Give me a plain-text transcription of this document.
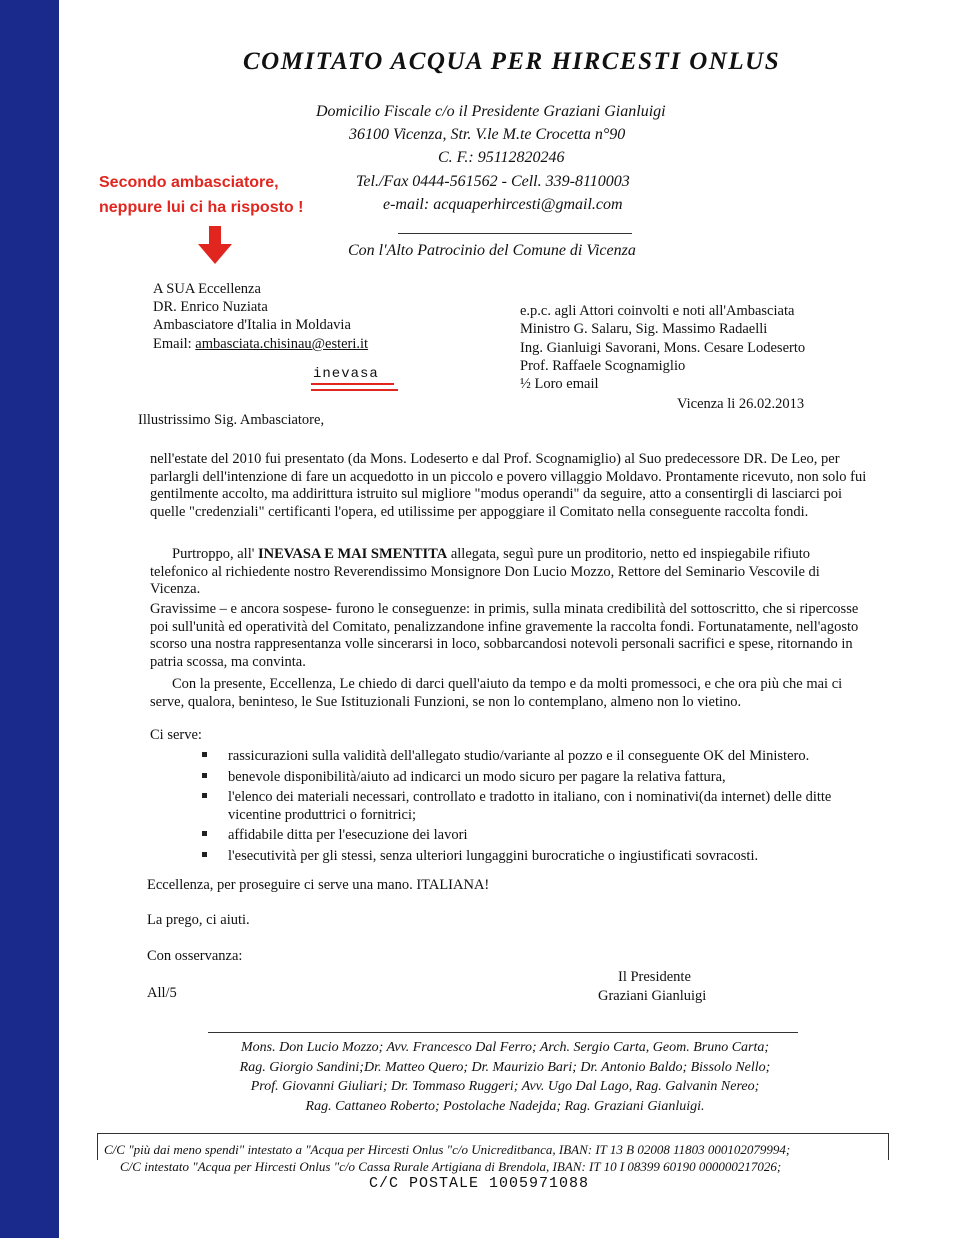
COMITATO ACQUA PER HIRCESTI ONLUS
Domicilio Fiscale c/o il Presidente Graziani Gianluigi
36100 Vicenza, Str. V.le M.te Crocetta n°90
C. F.: 95112820246
Tel./Fax 0444-561562 - Cell. 339-8110003
e-mail: acquaperhircesti@gmail.com
Con l'Alto Patrocinio del Comune di Vicenza
Secondo ambasciatore,
neppure lui ci ha risposto !
A SUA Eccellenza
DR. Enrico Nuziata
Ambasciatore d'Italia in Moldavia
Email: ambasciata.chisinau@esteri.it
inevasa
e.p.c. agli Attori coinvolti e noti all'Ambasciata
Ministro G. Salaru, Sig. Massimo Radaelli
Ing. Gianluigi Savorani, Mons. Cesare Lodeserto
Prof. Raffaele Scognamiglio
½ Loro email
Vicenza li 26.02.2013
Illustrissimo Sig. Ambasciatore,
nell'estate del 2010 fui presentato (da Mons. Lodeserto e dal Prof. Scognamiglio) al Suo predecessore DR. De Leo, per parlargli dell'intenzione di fare un acquedotto in un piccolo e povero villaggio Moldavo. Prontamente ricevuto, non solo fui gentilmente accolto, ma addirittura istruito sul migliore "modus operandi" da seguire, atto a consentirgli di lasciarci poi quelle "credenziali" certificanti l'opera, ed utilissime per appoggiare il Comitato nella conseguente raccolta fondi.
Purtroppo, all' INEVASA E MAI SMENTITA allegata, seguì pure un proditorio, netto ed inspiegabile rifiuto telefonico al richiedente nostro Reverendissimo Monsignore Don Lucio Mozzo, Rettore del Seminario Vescovile di Vicenza.
Gravissime – e ancora sospese- furono le conseguenze: in primis, sulla minata credibilità del sottoscritto, che si ripercosse poi sull'unità ed operatività del Comitato, penalizzandone infine gravemente la raccolta fondi. Fortunatamente, nell'agosto scorso una nostra rappresentanza volle sincerarsi in loco, sobbarcandosi notevoli personali sacrifici e spese, ritornando in patria scossa, ma convinta.
Con la presente, Eccellenza, Le chiedo di darci quell'aiuto da tempo e da molti promessoci, e che ora più che mai ci serve, qualora, beninteso, le Sue Istituzionali Funzioni, se non lo contemplano, almeno non lo vietino.
Ci serve:
rassicurazioni sulla validità dell'allegato studio/variante al pozzo e il conseguente OK del Ministero.
benevole disponibilità/aiuto ad indicarci un modo sicuro per pagare la relativa fattura,
l'elenco dei materiali necessari, controllato e tradotto in italiano, con i nominativi(da internet) delle ditte vicentine produttrici o fornitrici;
affidabile ditta per l'esecuzione dei lavori
l'esecutività per gli stessi, senza ulteriori lungaggini burocratiche o ingiustificati sovracosti.
Eccellenza, per proseguire ci serve una mano. ITALIANA!
La prego, ci aiuti.
Con osservanza:
Il Presidente
Graziani Gianluigi
All/5
Mons. Don Lucio Mozzo; Avv. Francesco Dal Ferro; Arch. Sergio Carta, Geom. Bruno Carta;
Rag. Giorgio Sandini;Dr. Matteo Quero; Dr. Maurizio Bari; Dr. Antonio Baldo; Bissolo Nello;
Prof. Giovanni Giuliari; Dr. Tommaso Ruggeri; Avv. Ugo Dal Lago, Rag. Galvanin Nereo;
Rag. Cattaneo Roberto; Postolache Nadejda; Rag. Graziani Gianluigi.
C/C "più dai meno spendi" intestato a "Acqua per Hircesti Onlus "c/o Unicreditbanca, IBAN: IT 13 B 02008 11803 000102079994;
C/C intestato "Acqua per Hircesti Onlus "c/o Cassa Rurale Artigiana di Brendola, IBAN: IT 10 I 08399 60190 000000217026;
C/C POSTALE 1005971088
